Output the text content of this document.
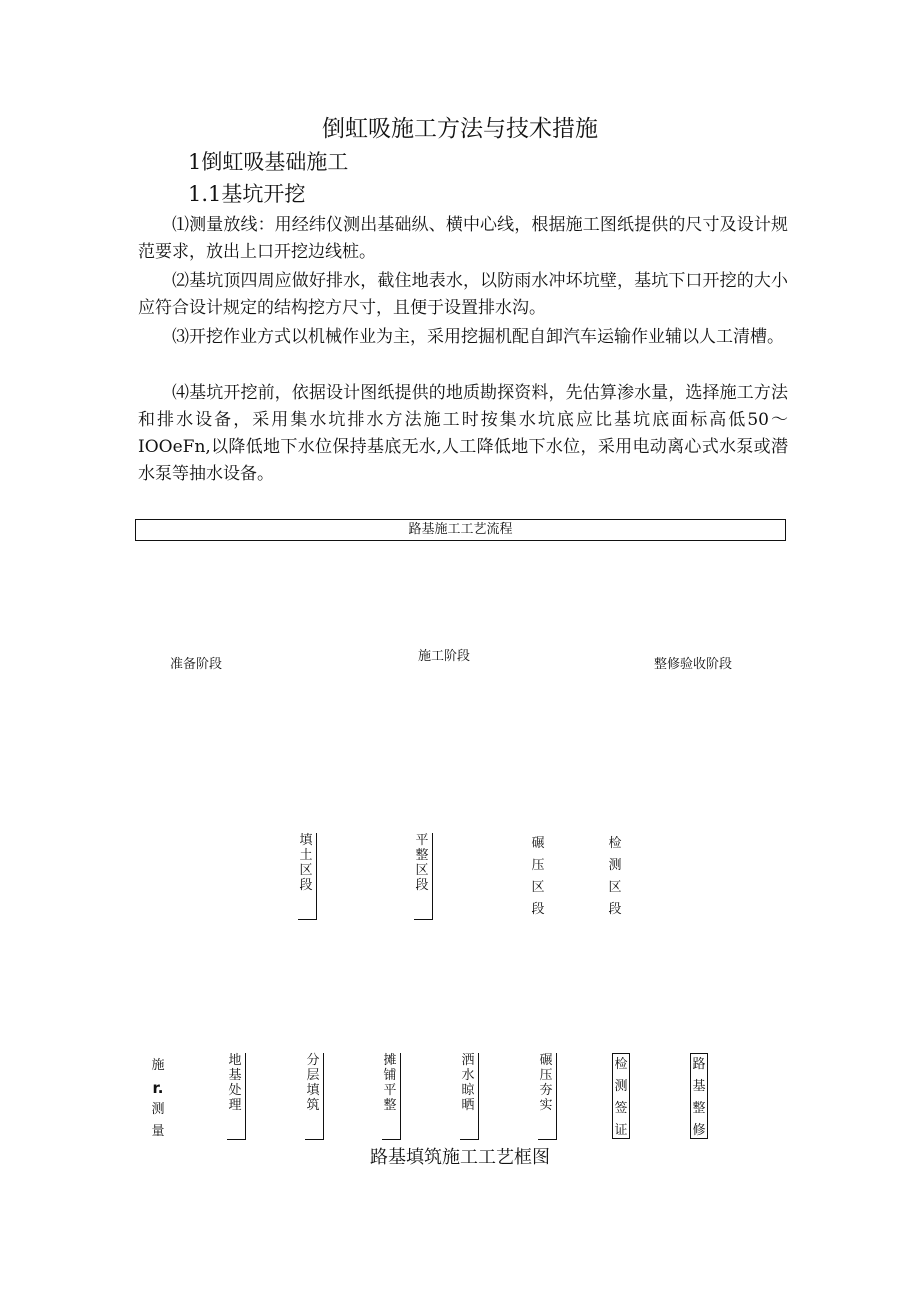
倒虹吸施工方法与技术措施
1倒虹吸基础施工
1.1基坑开挖
⑴测量放线：用经纬仪测出基础纵、横中心线，根据施工图纸提供的尺寸及设计规范要求，放出上口开挖边线桩。
⑵基坑顶四周应做好排水，截住地表水，以防雨水冲坏坑壁，基坑下口开挖的大小应符合设计规定的结构挖方尺寸，且便于设置排水沟。
⑶开挖作业方式以机械作业为主，采用挖掘机配自卸汽车运输作业辅以人工清槽。
⑷基坑开挖前，依据设计图纸提供的地质勘探资料，先估算渗水量，选择施工方法和排水设备，采用集水坑排水方法施工时按集水坑底应比基坑底面标高低50～IOOeFn,以降低地下水位保持基底无水,人工降低地下水位，采用电动离心式水泵或潜水泵等抽水设备。
路基施工工艺流程
准备阶段
施工阶段
整修验收阶段
填土区段
平整区段
碾压区段
检测区段
施
r.
测
量
地基处理
分层填筑
摊铺平整
洒水晾晒
碾压夯实
检测签证
路基整修
路基填筑施工工艺框图
